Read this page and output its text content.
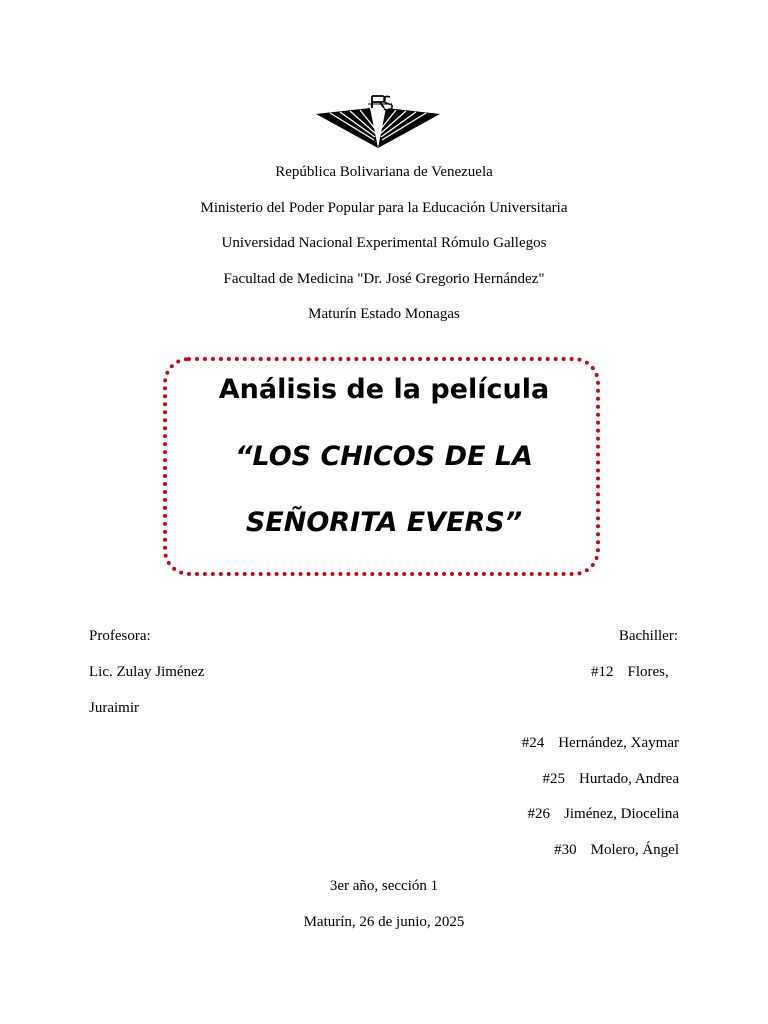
República Bolivariana de Venezuela
Ministerio del Poder Popular para la Educación Universitaria
Universidad Nacional Experimental Rómulo Gallegos
Facultad de Medicina "Dr. José Gregorio Hernández"
Maturín Estado Monagas
Análisis de la película
“LOS CHICOS DE LA
SEÑORITA EVERS”
Profesora:
Lic. Zulay Jiménez
Juraimir
Bachiller:
#12 Flores,
#24 Hernández, Xaymar
#25 Hurtado, Andrea
#26 Jiménez, Diocelina
#30 Molero, Ángel
3er año, sección 1
Maturín, 26 de junio, 2025
